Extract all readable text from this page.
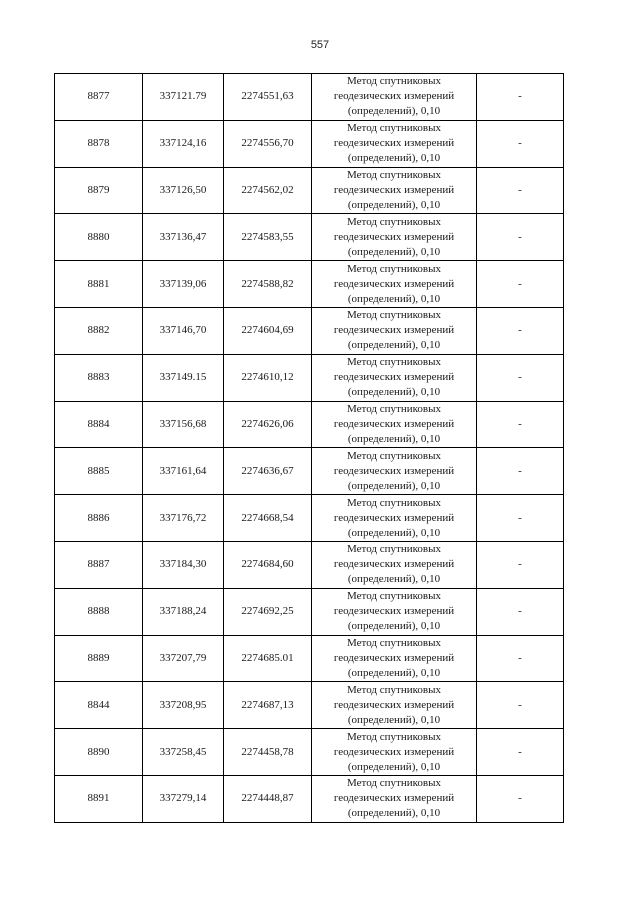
557
8877	337121.79	2274551,63	Метод спутниковых
геодезических измерений
(определений), 0,10	-
8878	337124,16	2274556,70	Метод спутниковых
геодезических измерений
(определений), 0,10	-
8879	337126,50	2274562,02	Метод спутниковых
геодезических измерений
(определений), 0,10	-
8880	337136,47	2274583,55	Метод спутниковых
геодезических измерений
(определений), 0,10	-
8881	337139,06	2274588,82	Метод спутниковых
геодезических измерений
(определений), 0,10	-
8882	337146,70	2274604,69	Метод спутниковых
геодезических измерений
(определений), 0,10	-
8883	337149.15	2274610,12	Метод спутниковых
геодезических измерений
(определений), 0,10	-
8884	337156,68	2274626,06	Метод спутниковых
геодезических измерений
(определений), 0,10	-
8885	337161,64	2274636,67	Метод спутниковых
геодезических измерений
(определений), 0,10	-
8886	337176,72	2274668,54	Метод спутниковых
геодезических измерений
(определений), 0,10	-
8887	337184,30	2274684,60	Метод спутниковых
геодезических измерений
(определений), 0,10	-
8888	337188,24	2274692,25	Метод спутниковых
геодезических измерений
(определений), 0,10	-
8889	337207,79	2274685.01	Метод спутниковых
геодезических измерений
(определений), 0,10	-
8844	337208,95	2274687,13	Метод спутниковых
геодезических измерений
(определений), 0,10	-
8890	337258,45	2274458,78	Метод спутниковых
геодезических измерений
(определений), 0,10	-
8891	337279,14	2274448,87	Метод спутниковых
геодезических измерений
(определений), 0,10	-
